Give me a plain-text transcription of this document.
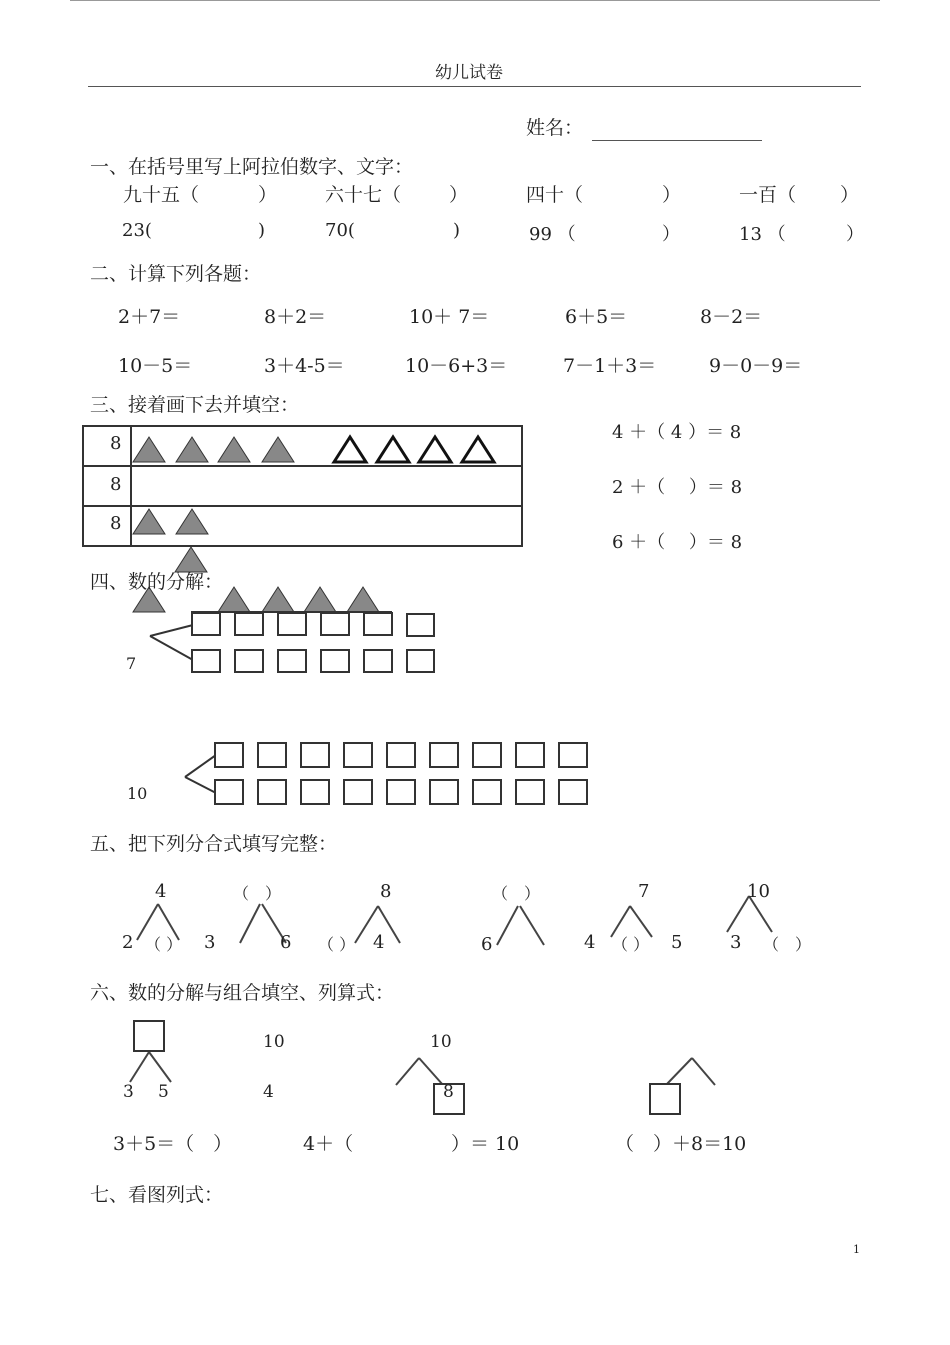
幼儿试卷
姓名：
一、在括号里写上阿拉伯数字、文字：
九十五（	）	六十七（	）	四十（	）	一百（ ）
23(	)	70(	)	99 （	）	13 （	）
二、计算下列各题：
2＋7＝	8＋2＝	10＋ 7＝	6＋5＝	8－2＝
10－5＝	3＋4-5＝	10－6+3＝	7－1＋3＝	9－0－9＝
三、接着画下去并填空：
8
8
8
4 ＋（ 4 ）＝ 8
2 ＋（　 ）＝ 8
6 ＋（　 ）＝ 8
四、数的分解：
7
10
五、把下列分合式填写完整：
4
2 （ ） 3
（　）
6
8
（ ） 4
（　）
6
7
4 （ ） 5
10
3 （　）
六、数的分解与组合填空、列算式：
3 5
10
4
10
8
3＋5＝（　）	4＋（	）＝ 10	（　）＋8＝10
七、看图列式：
1
